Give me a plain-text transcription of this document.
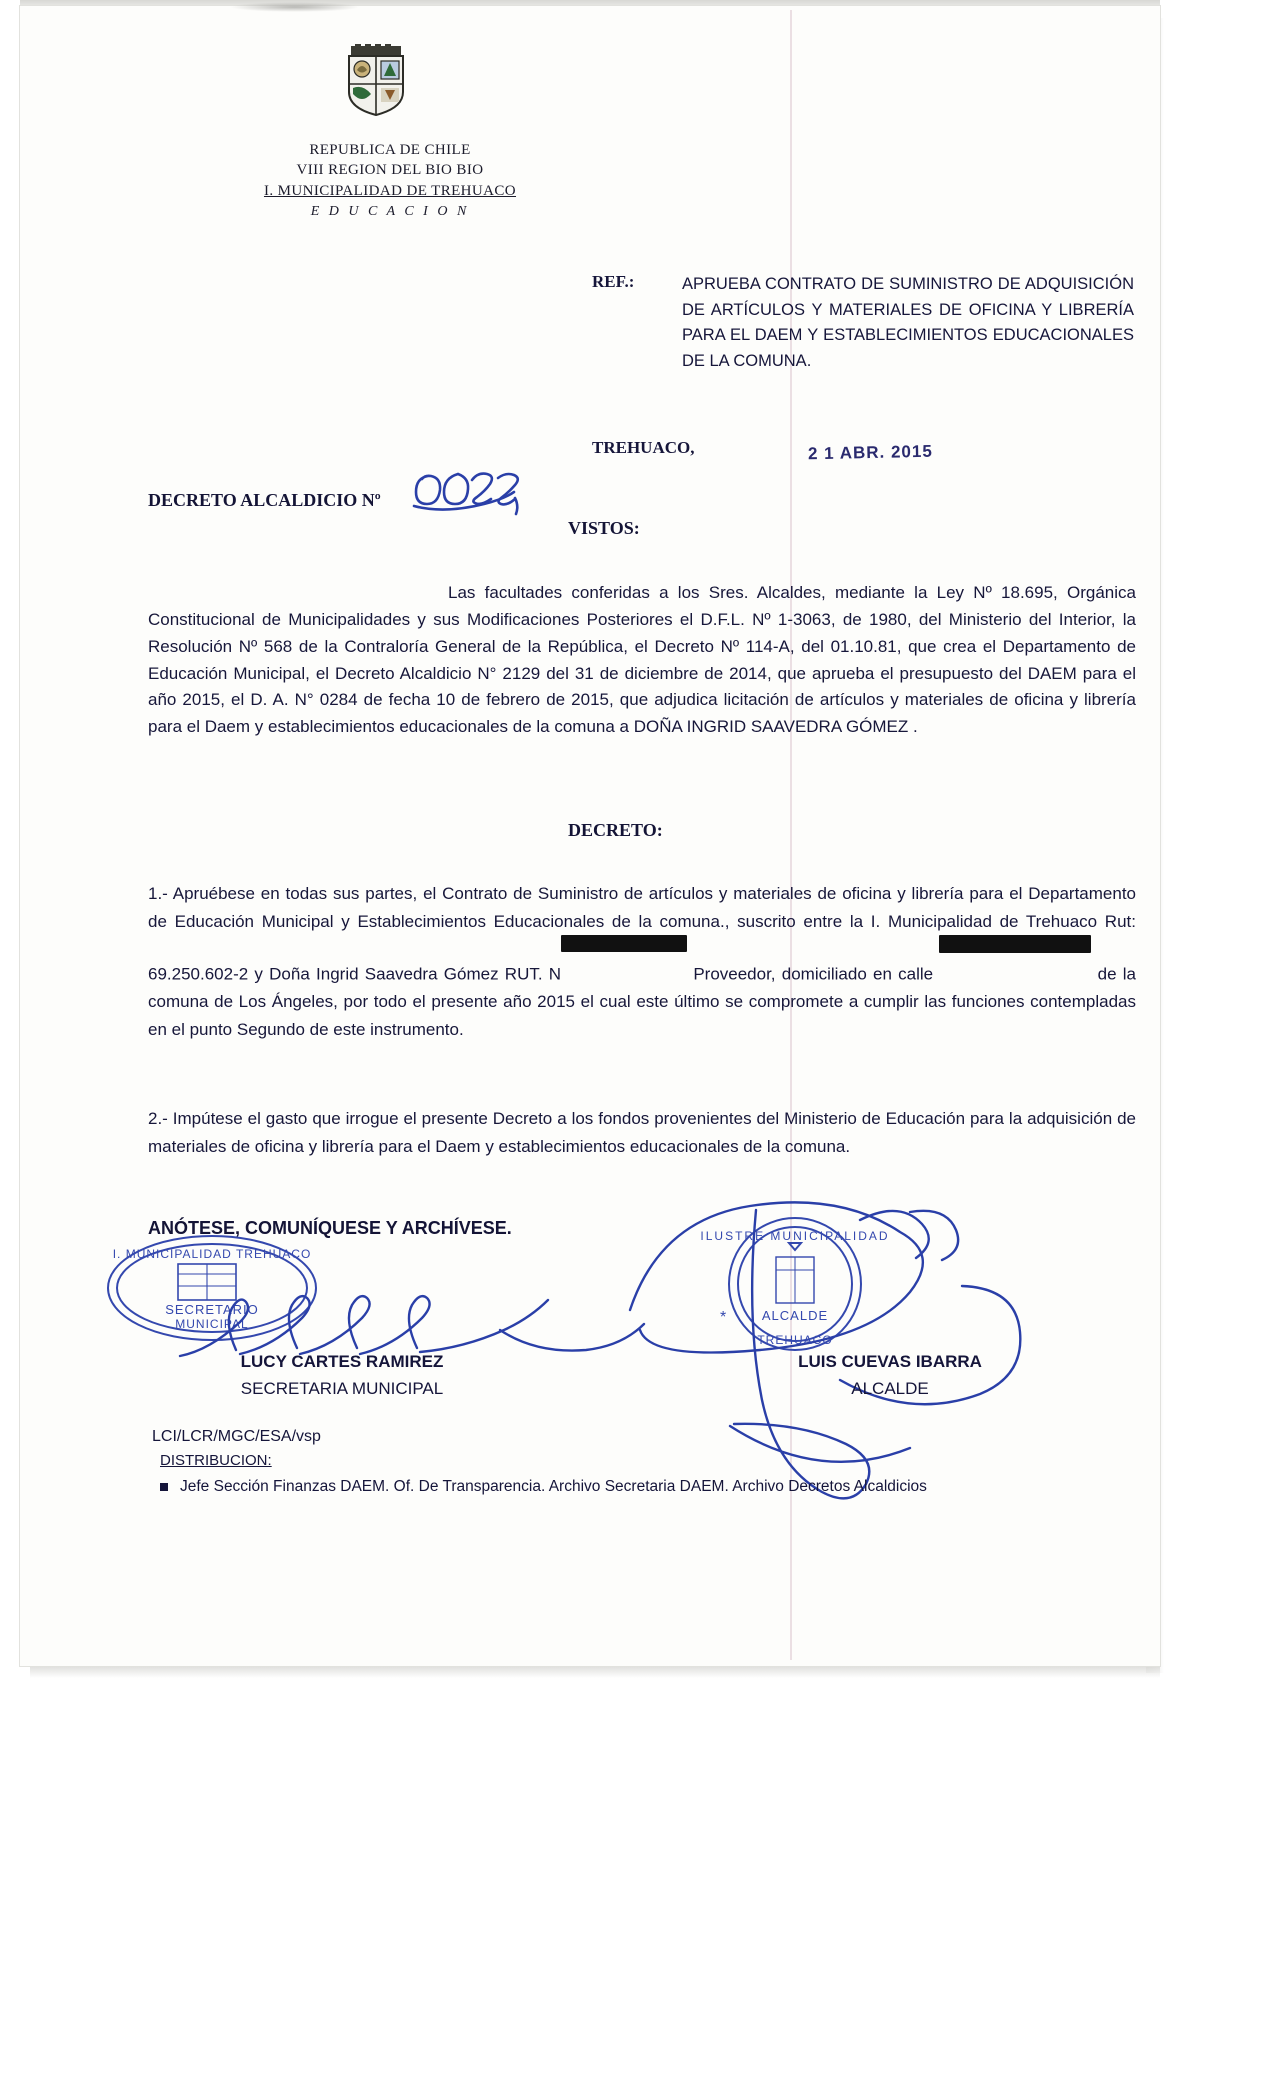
REPUBLICA DE CHILE
VIII REGION DEL BIO BIO
I. MUNICIPALIDAD DE TREHUACO
E D U C A C I O N
REF.:	APRUEBA CONTRATO DE SUMINISTRO DE ADQUISICIÓN DE ARTÍCULOS Y MATERIALES DE OFICINA Y LIBRERÍA PARA EL DAEM Y ESTABLECIMIENTOS EDUCACIONALES DE LA COMUNA.
TREHUACO,	2 1 ABR. 2015
DECRETO ALCALDICIO Nº
VISTOS:
Las facultades conferidas a los Sres. Alcaldes, mediante la Ley Nº 18.695, Orgánica Constitucional de Municipalidades y sus Modificaciones Posteriores el D.F.L. Nº 1-3063, de 1980, del Ministerio del Interior, la Resolución Nº 568 de la Contraloría General de la República, el Decreto Nº 114-A, del 01.10.81, que crea el Departamento de Educación Municipal, el Decreto Alcaldicio N° 2129 del 31 de diciembre de 2014, que aprueba el presupuesto del DAEM para el año 2015, el D. A. N° 0284 de fecha 10 de febrero de 2015, que adjudica licitación de artículos y materiales de oficina y librería para el Daem y establecimientos educacionales de la comuna a DOÑA INGRID SAAVEDRA GÓMEZ .
DECRETO:
1.- Apruébese en todas sus partes, el Contrato de Suministro de artículos y materiales de oficina y librería para el Departamento de Educación Municipal y Establecimientos Educacionales de la comuna., suscrito entre la I. Municipalidad de Trehuaco Rut: 69.250.602-2 y Doña Ingrid Saavedra Gómez RUT. N	Proveedor, domiciliado en calle	de la comuna de Los Ángeles, por todo el presente año 2015 el cual este último se compromete a cumplir las funciones contempladas en el punto Segundo de este instrumento.
2.- Impútese el gasto que irrogue el presente Decreto a los fondos provenientes del Ministerio de Educación para la adquisición de materiales de oficina y librería para el Daem y establecimientos educacionales de la comuna.
ANÓTESE, COMUNÍQUESE Y ARCHÍVESE.
I. MUNICIPALIDAD TREHUACO
SECRETARIO
MUNICIPAL
ILUSTRE MUNICIPALIDAD
ALCALDE
TREHUACO
*
LUCY CARTES RAMIREZ
SECRETARIA MUNICIPAL
LUIS CUEVAS IBARRA
ALCALDE
LCI/LCR/MGC/ESA/vsp
DISTRIBUCION:
Jefe Sección Finanzas DAEM. Of. De Transparencia. Archivo Secretaria DAEM. Archivo Decretos Alcaldicios
